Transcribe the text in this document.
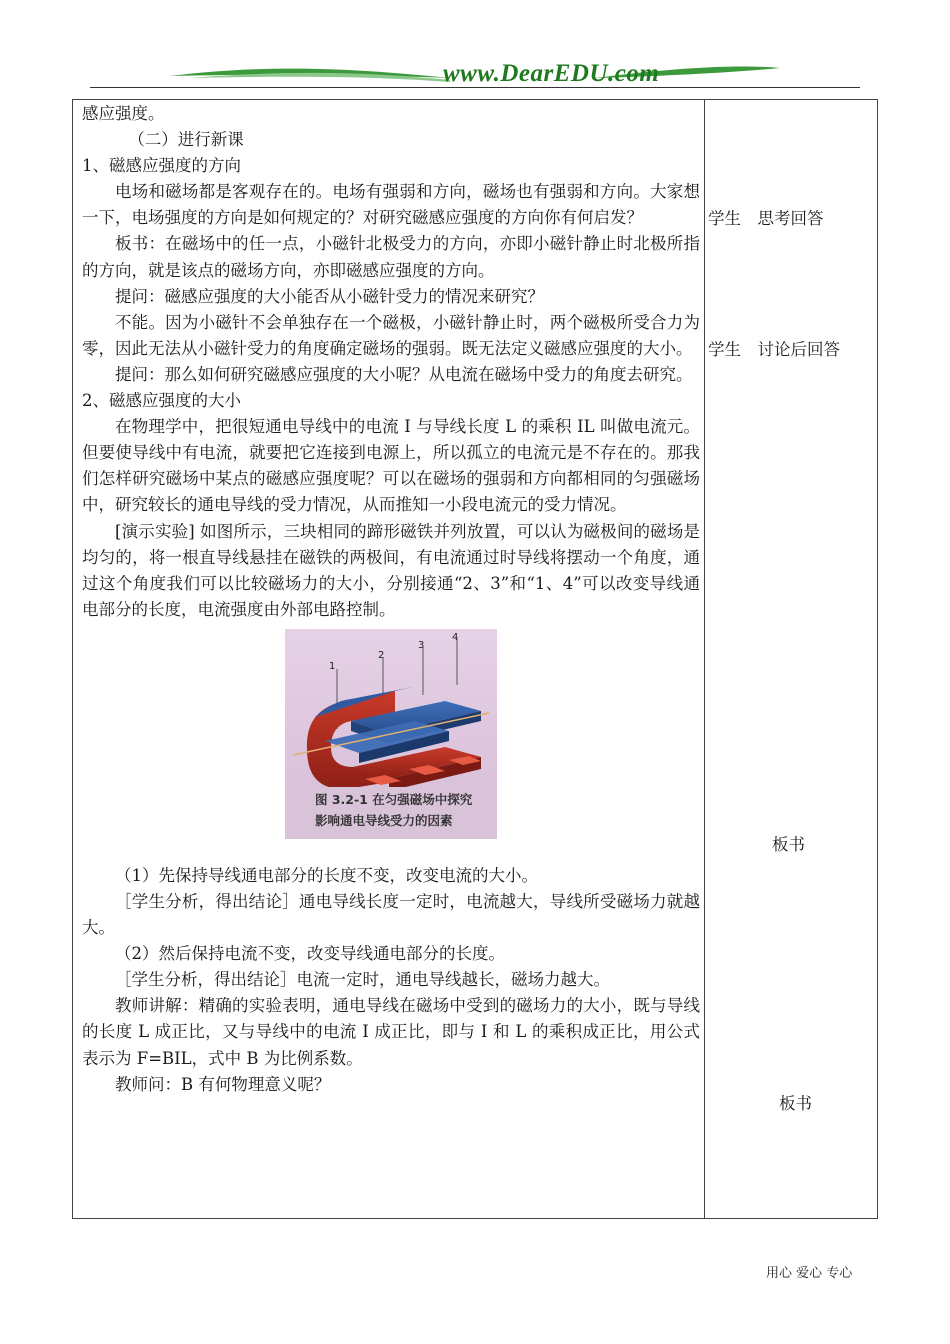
www.DearEDU.com

感应强度。

（二）进行新课

1、磁感应强度的方向

电场和磁场都是客观存在的。电场有强弱和方向，磁场也有强弱和方向。大家想一下，电场强度的方向是如何规定的？对研究磁感应强度的方向你有何启发？

板书：在磁场中的任一点，小磁针北极受力的方向，亦即小磁针静止时北极所指的方向，就是该点的磁场方向，亦即磁感应强度的方向。

提问：磁感应强度的大小能否从小磁针受力的情况来研究？

不能。因为小磁针不会单独存在一个磁极，小磁针静止时，两个磁极所受合力为零，因此无法从小磁针受力的角度确定磁场的强弱。既无法定义磁感应强度的大小。

提问：那么如何研究磁感应强度的大小呢？从电流在磁场中受力的角度去研究。

2、磁感应强度的大小

在物理学中，把很短通电导线中的电流 I 与导线长度 L 的乘积 IL 叫做电流元。但要使导线中有电流，就要把它连接到电源上，所以孤立的电流元是不存在的。那我们怎样研究磁场中某点的磁感应强度呢？可以在磁场的强弱和方向都相同的匀强磁场中，研究较长的通电导线的受力情况，从而推知一小段电流元的受力情况。

[演示实验] 如图所示，三块相同的蹄形磁铁并列放置，可以认为磁极间的磁场是均匀的，将一根直导线悬挂在磁铁的两极间，有电流通过时导线将摆动一个角度，通过这个角度我们可以比较磁场力的大小，分别接通“2、3”和“1、4”可以改变导线通电部分的长度，电流强度由外部电路控制。

1
2
3
4
图 3.2-1 在匀强磁场中探究
影响通电导线受力的因素

（1）先保持导线通电部分的长度不变，改变电流的大小。

［学生分析，得出结论］通电导线长度一定时，电流越大，导线所受磁场力就越大。

（2）然后保持电流不变，改变导线通电部分的长度。

［学生分析，得出结论］电流一定时，通电导线越长，磁场力越大。

教师讲解：精确的实验表明，通电导线在磁场中受到的磁场力的大小，既与导线的长度 L 成正比，又与导线中的电流 I 成正比，即与 I 和 L 的乘积成正比，用公式表示为 F=BIL，式中 B 为比例系数。

教师问：B 有何物理意义呢？

学生　思考回答
学生　讨论后回答
板书
板书
用心 爱心 专心
